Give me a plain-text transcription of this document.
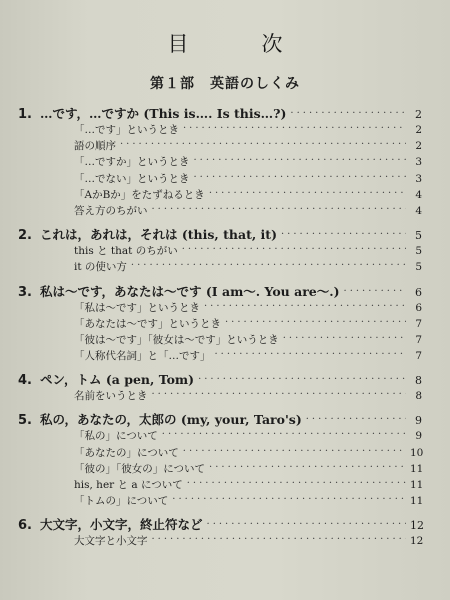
目　次
第１部　英語のしくみ
1. …です，…ですか (This is…. Is this…?) ·····	2
「…です」というとき ·····	2
語の順序 ·····	2
「…ですか」というとき ·····	3
「…でない」というとき ·····	3
「AかBか」をたずねるとき ·····	4
答え方のちがい ·····	4
2. これは，あれは，それは (this, that, it) ·····	5
this と that のちがい ·····	5
it の使い方 ·····	5
3. 私は～です，あなたは～です (I am～. You are～.) ·····	6
「私は～です」というとき ·····	6
「あなたは～です」というとき ·····	7
「彼は～です」「彼女は～です」というとき ·····	7
「人称代名詞」と「…です」 ·····	7
4. ペン，トム (a pen, Tom) ·····	8
名前をいうとき ·····	8
5. 私の，あなたの，太郎の (my, your, Taro's) ·····	9
「私の」について ·····	9
「あなたの」について ·····	10
「彼の」「彼女の」について ·····	11
his, her と a について ·····	11
「トムの」について ·····	11
6. 大文字，小文字，終止符など ·····	12
大文字と小文字 ·····	12
